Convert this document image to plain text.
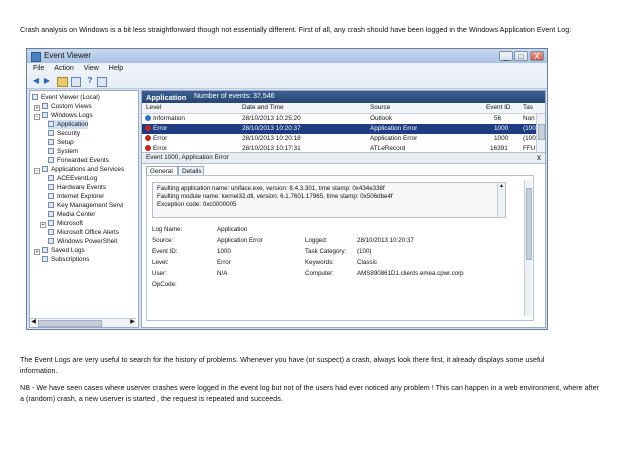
Crash analysis on Windows is a bit less straightforward though not essentially different. First of all, any crash should have been logged in the Windows Application Event Log:
Event Viewer	_	□	X
File Action View Help
◀ ▶	?
Event Viewer (Local)
+ Custom Views
− Windows Logs
Application
Security
Setup
System
Forwarded Events
− Applications and Services
ACEEventLog
Hardware Events
Internet Explorer
Key Management Servi
Media Center
+ Microsoft
Microsoft Office Alerts
Windows PowerShell
+ Saved Logs
Subscriptions
◀	▶
Application Number of events: 37,546
Level	Date and Time	Source	Event ID Tas
Information	28/10/2013 10:25:20	Outlook	56	Non
Error	28/10/2013 10:20:37	Application Error	1000 (100
Error	28/10/2013 10:20:18	Application Error	1000 (100
Error	28/10/2013 10:17:31	ATLeRecord	16391 FFU
Event 1000, Application Error	x
General	Details
Faulting application name: uniface.exe, version: 8.4.3.301, time stamp: 0x434e338f
Faulting module name: kernel32.dll, version: 6.1.7601.17965, time stamp: 0x506dbe4f
Exception code: 0xc0000005
▲
Log Name:	Application
Source:	Application Error	Logged:	28/10/2013 10:20:37
Event ID:	1000	Task Category: (100)
Level:	Error	Keywords:	Classic
User:	N/A	Computer:	AMS890861D1.clients.emea.cpwr.corp
OpCode:
The Event Logs are very useful to search for the history of problems. Whenever you have (or suspect) a crash, always look there first, it already displays some useful information.
NB - We have seen cases where userver crashes were logged in the event log but not of the users had ever noticed any problem ! This can happen in a web environment, where after a (random) crash, a new userver is started , the request is repeated and succeeds.
